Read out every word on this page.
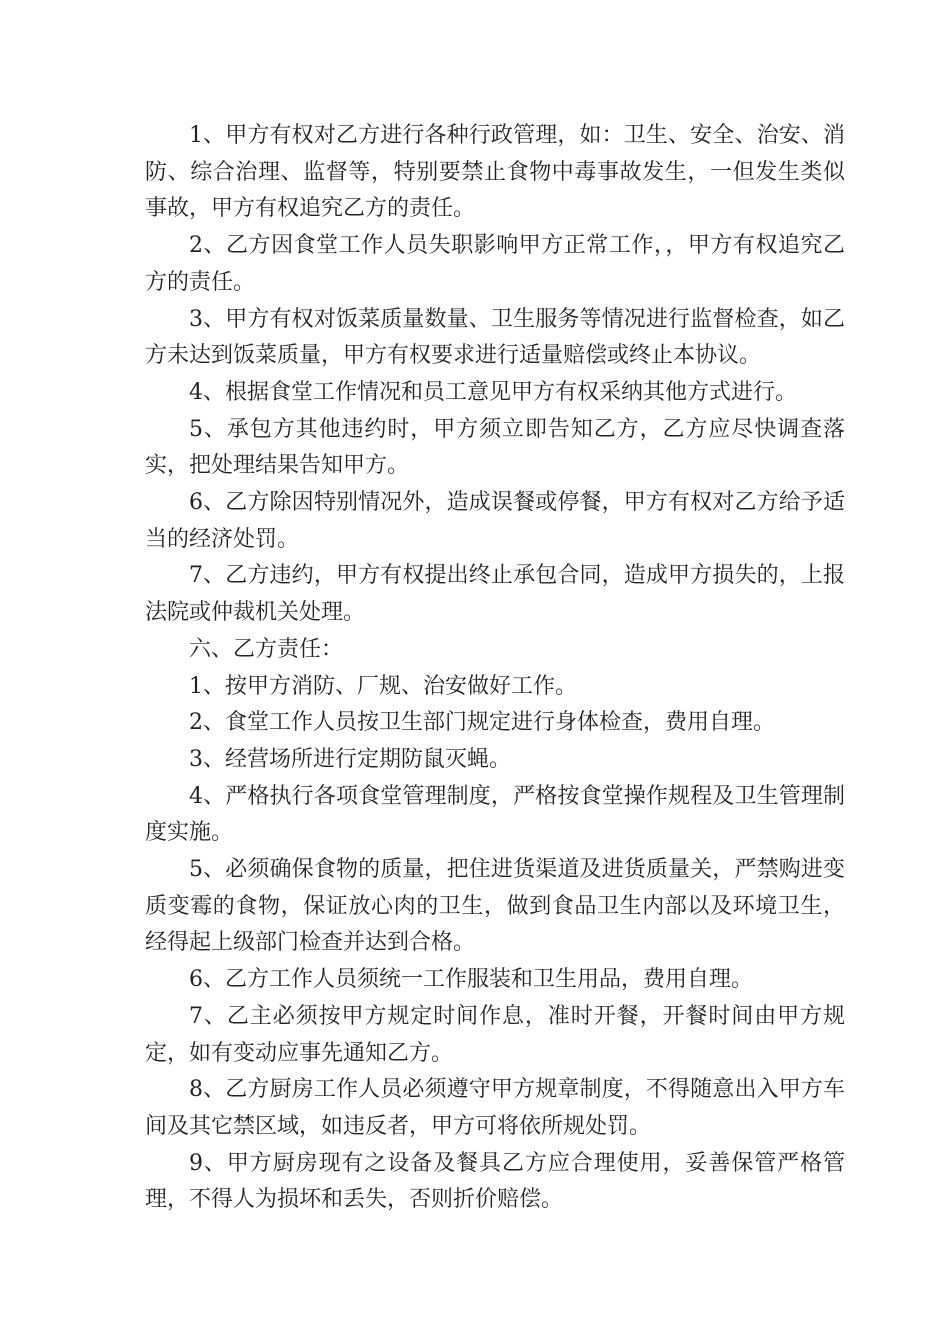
1、甲方有权对乙方进行各种行政管理，如：卫生、安全、治安、消防、综合治理、监督等，特别要禁止食物中毒事故发生，一但发生类似事故，甲方有权追究乙方的责任。

2、乙方因食堂工作人员失职影响甲方正常工作，，甲方有权追究乙方的责任。

3、甲方有权对饭菜质量数量、卫生服务等情况进行监督检查，如乙方未达到饭菜质量，甲方有权要求进行适量赔偿或终止本协议。

4、根据食堂工作情况和员工意见甲方有权采纳其他方式进行。

5、承包方其他违约时，甲方须立即告知乙方，乙方应尽快调查落实，把处理结果告知甲方。

6、乙方除因特别情况外，造成误餐或停餐，甲方有权对乙方给予适当的经济处罚。

7、乙方违约，甲方有权提出终止承包合同，造成甲方损失的，上报法院或仲裁机关处理。

六、乙方责任：

1、按甲方消防、厂规、治安做好工作。

2、食堂工作人员按卫生部门规定进行身体检查，费用自理。

3、经营场所进行定期防鼠灭蝇。

4、严格执行各项食堂管理制度，严格按食堂操作规程及卫生管理制度实施。

5、必须确保食物的质量，把住进货渠道及进货质量关，严禁购进变质变霉的食物，保证放心肉的卫生，做到食品卫生内部以及环境卫生，经得起上级部门检查并达到合格。

6、乙方工作人员须统一工作服装和卫生用品，费用自理。

7、乙主必须按甲方规定时间作息，准时开餐，开餐时间由甲方规定，如有变动应事先通知乙方。

8、乙方厨房工作人员必须遵守甲方规章制度，不得随意出入甲方车间及其它禁区域，如违反者，甲方可将依所规处罚。

9、甲方厨房现有之设备及餐具乙方应合理使用，妥善保管严格管理，不得人为损坏和丢失，否则折价赔偿。
